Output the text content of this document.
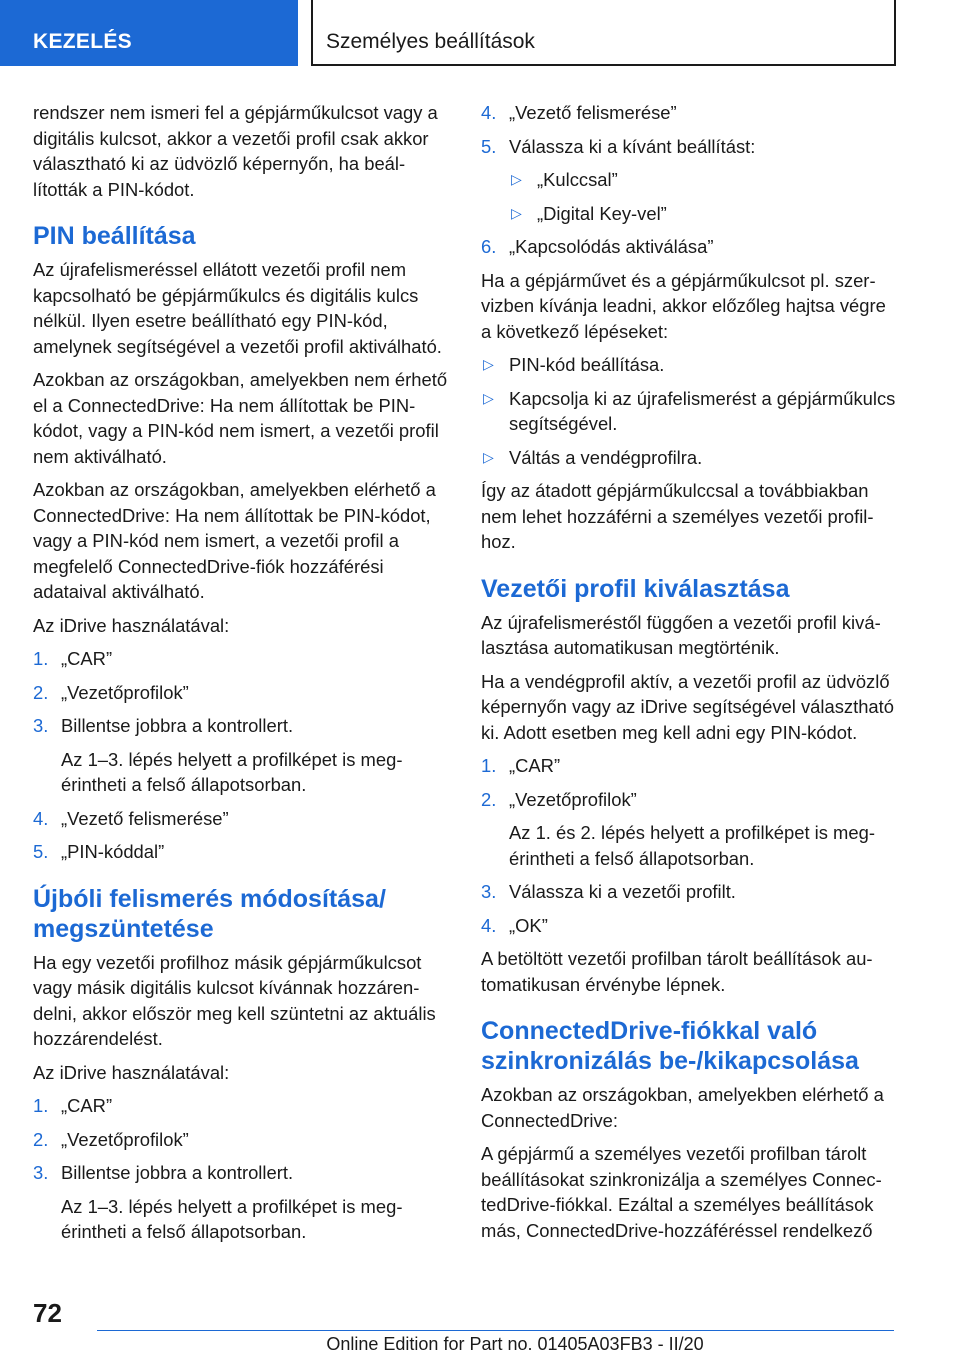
KEZELÉS	Személyes beállítások

rendszer nem ismeri fel a gépjárműkulcsot vagy a digitális kulcsot, akkor a vezetői profil csak akkor választható ki az üdvözlő képernyőn, ha beállították a PIN-kódot.

PIN beállítása

Az újrafelismeréssel ellátott vezetői profil nem kapcsolható be gépjárműkulcs és digitális kulcs nélkül. Ilyen esetre beállítható egy PIN-kód, amelynek segítségével a vezetői profil aktiválható.

Azokban az országokban, amelyekben nem érhető el a ConnectedDrive: Ha nem állítottak be PIN-kódot, vagy a PIN-kód nem ismert, a vezetői profil nem aktiválható.

Azokban az országokban, amelyekben elérhető a ConnectedDrive: Ha nem állítottak be PIN-kódot, vagy a PIN-kód nem ismert, a vezetői profil a megfelelő ConnectedDrive-fiók hozzáférési adataival aktiválható.

Az iDrive használatával:

1. „CAR”
2. „Vezetőprofilok”
3. Billentse jobbra a kontrollert.

Az 1–3. lépés helyett a profilképet is megérintheti a felső állapotsorban.

4. „Vezető felismerése”
5. „PIN-kóddal”
Újbóli felismerés módosítása/ megszüntetése

Ha egy vezetői profilhoz másik gépjárműkulcsot vagy másik digitális kulcsot kívánnak hozzárendelni, akkor először meg kell szüntetni az aktuális hozzárendelést.

Az iDrive használatával:

1. „CAR”
2. „Vezetőprofilok”
3. Billentse jobbra a kontrollert.

Az 1–3. lépés helyett a profilképet is megérintheti a felső állapotsorban.

4. „Vezető felismerése”
5. Válassza ki a kívánt beállítást:
▷ „Kulccsal”
▷ „Digital Key-vel”
6. „Kapcsolódás aktiválása”

Ha a gépjárművet és a gépjárműkulcsot pl. szervizben kívánja leadni, akkor előzőleg hajtsa végre a következő lépéseket:

▷ PIN-kód beállítása.
▷ Kapcsolja ki az újrafelismerést a gépjárműkulcs segítségével.
▷ Váltás a vendégprofilra.

Így az átadott gépjárműkulccsal a továbbiakban nem lehet hozzáférni a személyes vezetői profilhoz.

Vezetői profil kiválasztása

Az újrafelismeréstől függően a vezetői profil kiválasztása automatikusan megtörténik.

Ha a vendégprofil aktív, a vezetői profil az üdvözlő képernyőn vagy az iDrive segítségével választható ki. Adott esetben meg kell adni egy PIN-kódot.

1. „CAR”
2. „Vezetőprofilok”

Az 1. és 2. lépés helyett a profilképet is megérintheti a felső állapotsorban.

3. Válassza ki a vezetői profilt.
4. „OK”

A betöltött vezetői profilban tárolt beállítások automatikusan érvénybe lépnek.

ConnectedDrive-fiókkal való szinkronizálás be-/kikapcsolása

Azokban az országokban, amelyekben elérhető a ConnectedDrive:

A gépjármű a személyes vezetői profilban tárolt beállításokat szinkronizálja a személyes ConnectedDrive-fiókkal. Ezáltal a személyes beállítások más, ConnectedDrive-hozzáféréssel rendelkező

72
Online Edition for Part no. 01405A03FB3 - II/20
